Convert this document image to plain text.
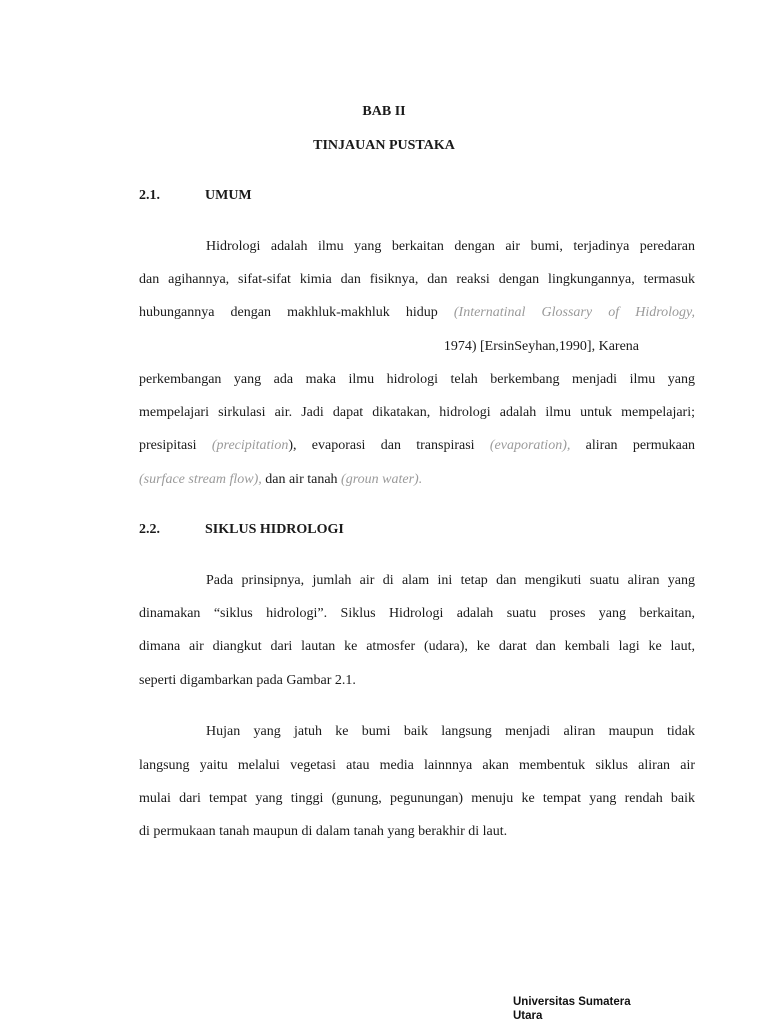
BAB II
TINJAUAN PUSTAKA
2.1.	UMUM
Hidrologi adalah ilmu yang berkaitan dengan air bumi, terjadinya peredaran
dan agihannya, sifat-sifat kimia dan fisiknya, dan reaksi dengan lingkungannya, termasuk
hubungannya dengan makhluk-makhluk hidup (Internatinal Glossary of Hidrology,
1974) [ErsinSeyhan,1990], Karena
perkembangan yang ada maka ilmu hidrologi telah berkembang menjadi ilmu yang
mempelajari sirkulasi air. Jadi dapat dikatakan, hidrologi adalah ilmu untuk mempelajari;
presipitasi (precipitation), evaporasi dan transpirasi (evaporation), aliran permukaan
(surface stream flow), dan air tanah (groun water).
2.2.	SIKLUS HIDROLOGI
Pada prinsipnya, jumlah air di alam ini tetap dan mengikuti suatu aliran yang
dinamakan “siklus hidrologi”. Siklus Hidrologi adalah suatu proses yang berkaitan,
dimana air diangkut dari lautan ke atmosfer (udara), ke darat dan kembali lagi ke laut,
seperti digambarkan pada Gambar 2.1.
Hujan yang jatuh ke bumi baik langsung menjadi aliran maupun tidak
langsung yaitu melalui vegetasi atau media lainnnya akan membentuk siklus aliran air
mulai dari tempat yang tinggi (gunung, pegunungan) menuju ke tempat yang rendah baik
di permukaan tanah maupun di dalam tanah yang berakhir di laut.
Universitas Sumatera
Utara
